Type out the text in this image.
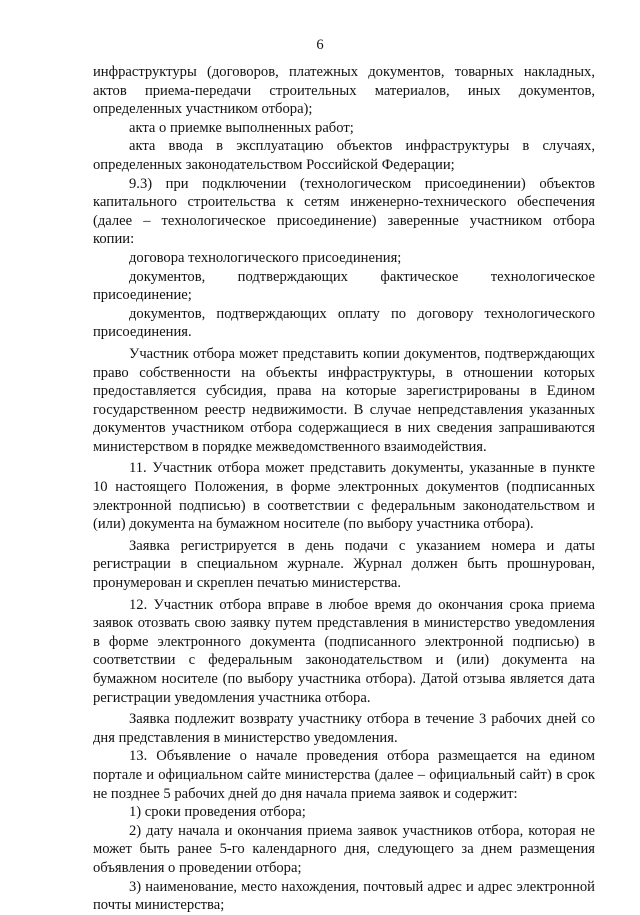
6

инфраструктуры (договоров, платежных документов, товарных накладных, актов приема-передачи строительных материалов, иных документов, определенных участником отбора);

акта о приемке выполненных работ;

акта ввода в эксплуатацию объектов инфраструктуры в случаях, определенных законодательством Российской Федерации;

9.3) при подключении (технологическом присоединении) объектов капитального строительства к сетям инженерно-технического обеспечения (далее – технологическое присоединение) заверенные участником отбора копии:

договора технологического присоединения;

документов, подтверждающих фактическое технологическое присоединение;

документов, подтверждающих оплату по договору технологического присоединения.

Участник отбора может представить копии документов, подтверждающих право собственности на объекты инфраструктуры, в отношении которых предоставляется субсидия, права на которые зарегистрированы в Едином государственном реестр недвижимости. В случае непредставления указанных документов участником отбора содержащиеся в них сведения запрашиваются министерством в порядке межведомственного взаимодействия.

11. Участник отбора может представить документы, указанные в пункте 10 настоящего Положения, в форме электронных документов (подписанных электронной подписью) в соответствии с федеральным законодательством и (или) документа на бумажном носителе (по выбору участника отбора).

Заявка регистрируется в день подачи с указанием номера и даты регистрации в специальном журнале. Журнал должен быть прошнурован, пронумерован и скреплен печатью министерства.

12. Участник отбора вправе в любое время до окончания срока приема заявок отозвать свою заявку путем представления в министерство уведомления в форме электронного документа (подписанного электронной подписью) в соответствии с федеральным законодательством и (или) документа на бумажном носителе (по выбору участника отбора). Датой отзыва является дата регистрации уведомления участника отбора.

Заявка подлежит возврату участнику отбора в течение 3 рабочих дней со дня представления в министерство уведомления.

13. Объявление о начале проведения отбора размещается на едином портале и официальном сайте министерства (далее – официальный сайт) в срок не позднее 5 рабочих дней до дня начала приема заявок и содержит:

1) сроки проведения отбора;

2) дату начала и окончания приема заявок участников отбора, которая не может быть ранее 5-го календарного дня, следующего за днем размещения объявления о проведении отбора;

3) наименование, место нахождения, почтовый адрес и адрес электронной почты министерства;
